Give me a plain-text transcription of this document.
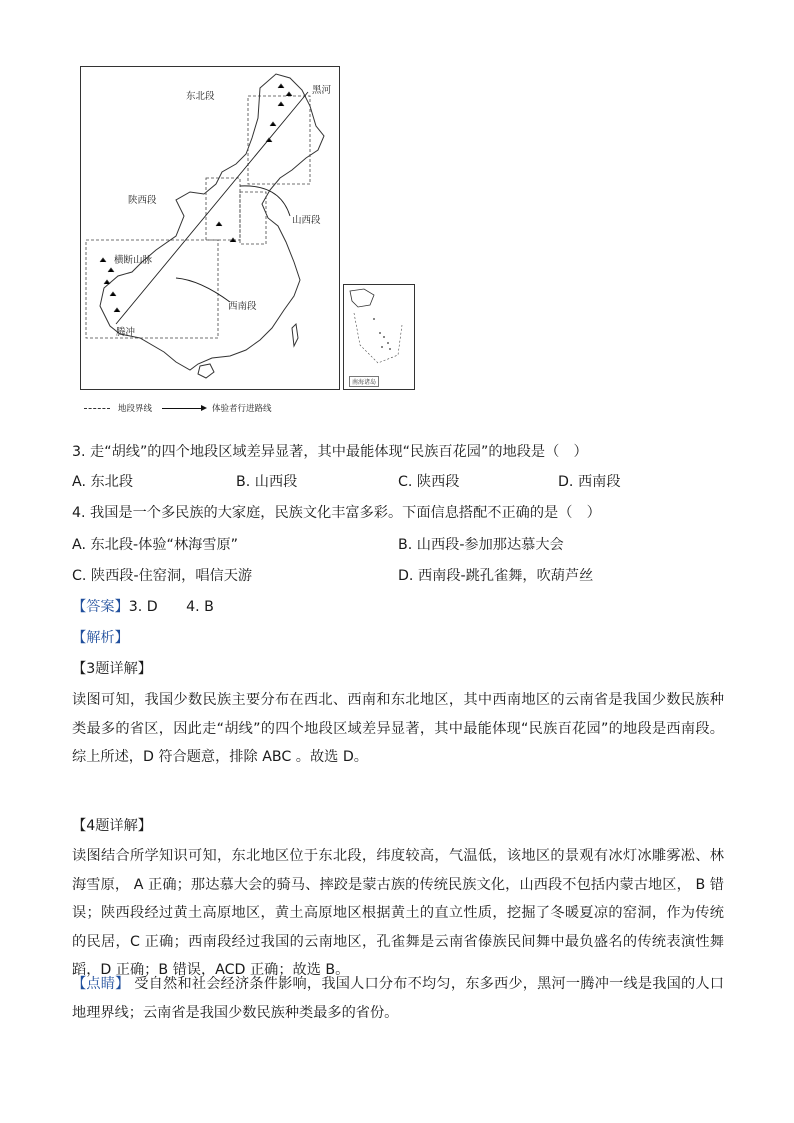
东北段
黑河
陕西段
山西段
横断山脉
西南段
腾冲
南海诸岛
地段界线	体验者行进路线
3. 走“胡线”的四个地段区域差异显著，其中最能体现“民族百花园”的地段是（　）
A. 东北段	B. 山西段	C. 陕西段	D. 西南段
4. 我国是一个多民族的大家庭，民族文化丰富多彩。下面信息搭配不正确的是（　）
A. 东北段-体验“林海雪原”	B. 山西段-参加那达慕大会
C. 陕西段-住窑洞，唱信天游	D. 西南段-跳孔雀舞，吹葫芦丝
【答案】3. D　　4. B
【解析】
【3题详解】
读图可知，我国少数民族主要分布在西北、西南和东北地区，其中西南地区的云南省是我国少数民族种类最多的省区，因此走“胡线”的四个地段区域差异显著，其中最能体现“民族百花园”的地段是西南段。综上所述，D 符合题意，排除 ABC 。故选 D。
【4题详解】
读图结合所学知识可知，东北地区位于东北段，纬度较高，气温低，该地区的景观有冰灯冰雕雾凇、林海雪原， A 正确；那达慕大会的骑马、摔跤是蒙古族的传统民族文化，山西段不包括内蒙古地区， B 错误；陕西段经过黄土高原地区，黄土高原地区根据黄土的直立性质，挖掘了冬暖夏凉的窑洞，作为传统的民居，C 正确；西南段经过我国的云南地区，孔雀舞是云南省傣族民间舞中最负盛名的传统表演性舞蹈，D 正确；B 错误，ACD 正确；故选 B。
【点睛】 受自然和社会经济条件影响，我国人口分布不均匀，东多西少，黑河一腾冲一线是我国的人口地理界线；云南省是我国少数民族种类最多的省份。
